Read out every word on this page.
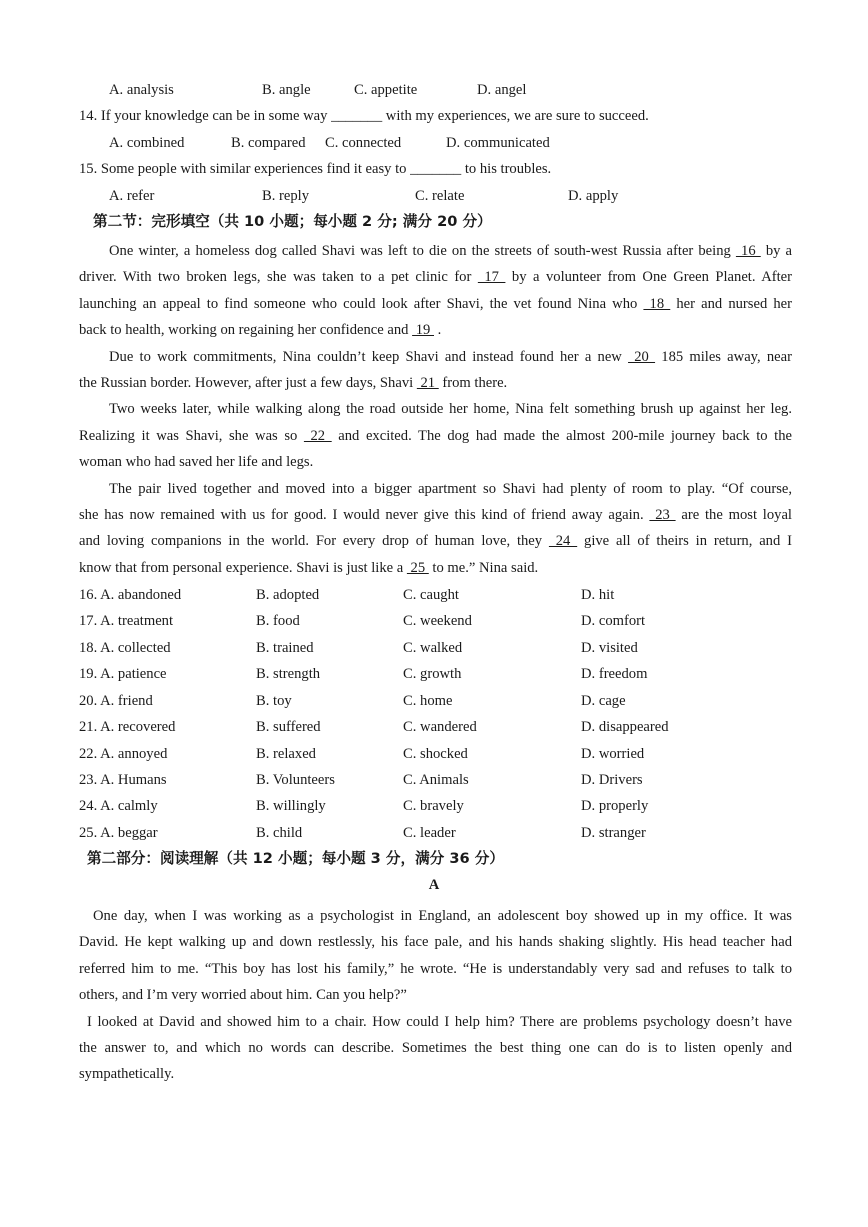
A. analysis	B. angle	C. appetite	D. angel
14. If your knowledge can be in some way _______ with my experiences, we are sure to succeed.
A. combined	B. compared C. connected	D. communicated
15. Some people with similar experiences find it easy to _______ to his troubles.
A. refer	B. reply	C. relate	D. apply
第二节：完形填空（共 10 小题；每小题 2 分; 满分 20 分）
One winter, a homeless dog called Shavi was left to die on the streets of south-west Russia after being  16  by a
driver. With two broken legs, she was taken to a pet clinic for  17  by a volunteer from One Green Planet. After
launching an appeal to find someone who could look after Shavi, the vet found Nina who  18  her and nursed her
back to health, working on regaining her confidence and  19  .
Due to work commitments, Nina couldn’t keep Shavi and instead found her a new  20  185 miles away, near
the Russian border. However, after just a few days, Shavi  21  from there.
Two weeks later, while walking along the road outside her home, Nina felt something brush up against her leg.
Realizing it was Shavi, she was so  22  and excited. The dog had made the almost 200-mile journey back to the
woman who had saved her life and legs.
The pair lived together and moved into a bigger apartment so Shavi had plenty of room to play. “Of course,
she has now remained with us for good. I would never give this kind of friend away again.  23  are the most loyal
and loving companions in the world. For every drop of human love, they  24  give all of theirs in return, and I
know that from personal experience. Shavi is just like a  25  to me.” Nina said.
16. A. abandoned	B. adopted	C. caught	D. hit
17. A. treatment	B. food	C. weekend	D. comfort
18. A. collected	B. trained	C. walked	D. visited
19. A. patience	B. strength	C. growth	D. freedom
20. A. friend	B. toy	C. home	D. cage
21. A. recovered	B. suffered	C. wandered	D. disappeared
22. A. annoyed	B. relaxed	C. shocked	D. worried
23. A. Humans	B. Volunteers	C. Animals	D. Drivers
24. A. calmly	B. willingly	C. bravely	D. properly
25. A. beggar	B. child	C. leader	D. stranger
第二部分：阅读理解（共 12 小题；每小题 3 分，满分 36 分）
A
One day, when I was working as a psychologist in England, an adolescent boy showed up in my office. It was
David. He kept walking up and down restlessly, his face pale, and his hands shaking slightly. His head teacher had
referred him to me. “This boy has lost his family,” he wrote. “He is understandably very sad and refuses to talk to
others, and I’m very worried about him. Can you help?”
I looked at David and showed him to a chair. How could I help him? There are problems psychology doesn’t have
the answer to, and which no words can describe. Sometimes the best thing one can do is to listen openly and
sympathetically.
